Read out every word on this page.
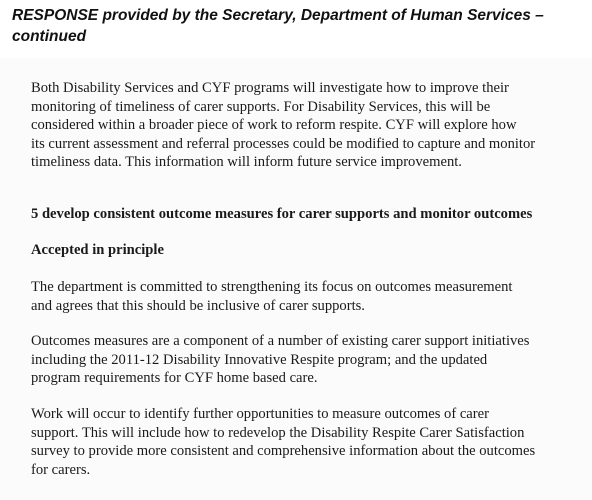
RESPONSE provided by the Secretary, Department of Human Services –
continued
Both Disability Services and CYF programs will investigate how to improve their
monitoring of timeliness of carer supports. For Disability Services, this will be
considered within a broader piece of work to reform respite. CYF will explore how
its current assessment and referral processes could be modified to capture and monitor
timeliness data. This information will inform future service improvement.
5 develop consistent outcome measures for carer supports and monitor outcomes
Accepted in principle
The department is committed to strengthening its focus on outcomes measurement
and agrees that this should be inclusive of carer supports.
Outcomes measures are a component of a number of existing carer support initiatives
including the 2011-12 Disability Innovative Respite program; and the updated
program requirements for CYF home based care.
Work will occur to identify further opportunities to measure outcomes of carer
support. This will include how to redevelop the Disability Respite Carer Satisfaction
survey to provide more consistent and comprehensive information about the outcomes
for carers.
